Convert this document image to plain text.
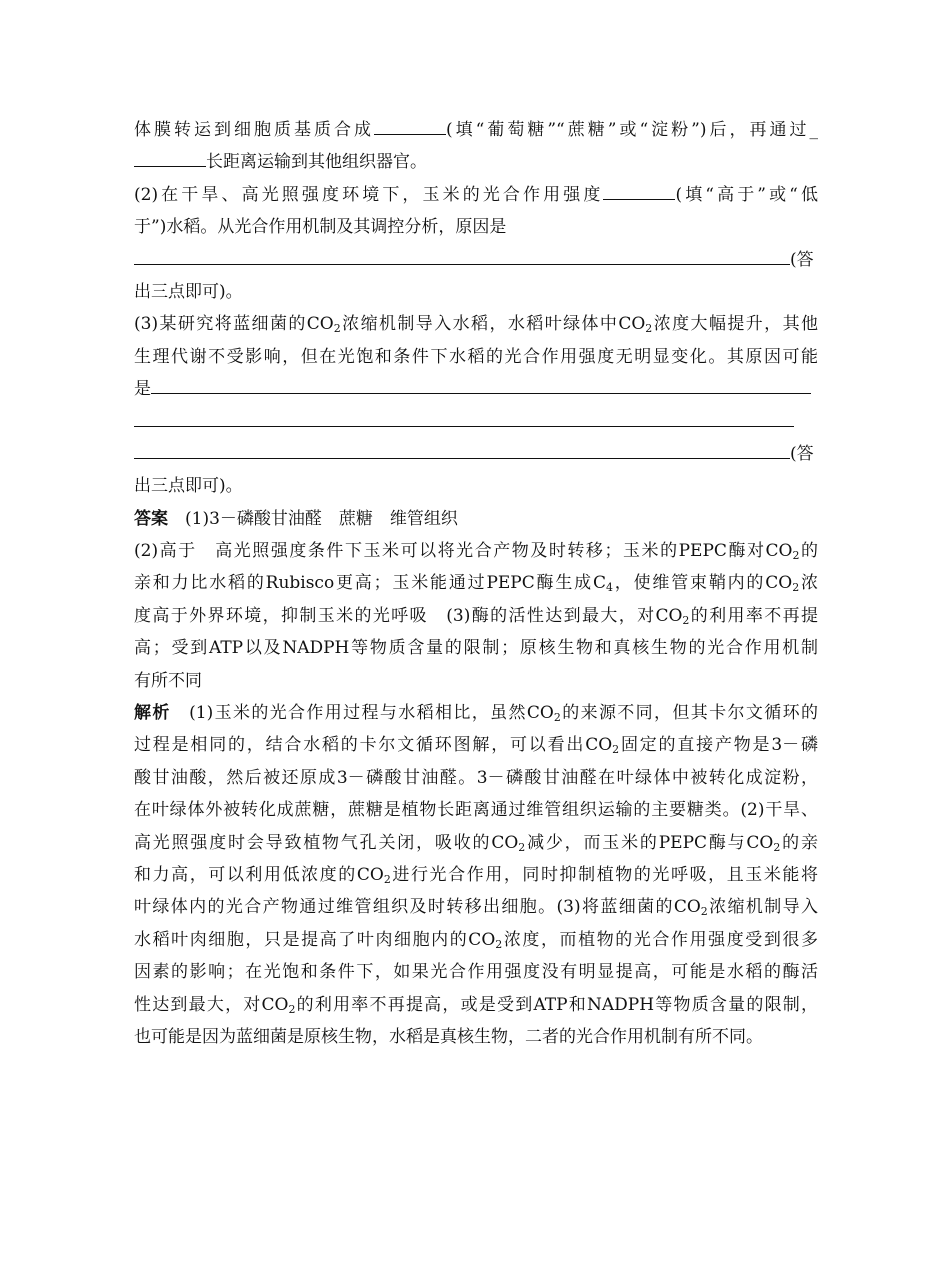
体膜转运到细胞质基质合成	(填“葡萄糖”“蔗糖”或“淀粉”)后，再通过_
长距离运输到其他组织器官。
(2)在干旱、高光照强度环境下，玉米的光合作用强度	(填“高于”或“低
于”)水稻。从光合作用机制及其调控分析，原因是
(答
出三点即可)。
(3)某研究将蓝细菌的$CO_2$浓缩机制导入水稻，水稻叶绿体中$CO_2$浓度大幅提升，其他
生理代谢不受影响，但在光饱和条件下水稻的光合作用强度无明显变化。其原因可能
是
(答
出三点即可)。
答案　 (1)3－磷酸甘油醛　蔗糖　维管组织
(2)高于　高光照强度条件下玉米可以将光合产物及时转移；玉米的PEPC酶对$CO_2$的
亲和力比水稻的Rubisco更高；玉米能通过PEPC酶生成$C_4$，使维管束鞘内的$CO_2$浓
度高于外界环境，抑制玉米的光呼吸　(3)酶的活性达到最大，对$CO_2$的利用率不再提
高；受到ATP以及NADPH等物质含量的限制；原核生物和真核生物的光合作用机制
有所不同
解析　 (1)玉米的光合作用过程与水稻相比，虽然$CO_2$的来源不同，但其卡尔文循环的
过程是相同的，结合水稻的卡尔文循环图解，可以看出$CO_2$固定的直接产物是3－磷
酸甘油酸，然后被还原成3－磷酸甘油醛。3－磷酸甘油醛在叶绿体中被转化成淀粉，
在叶绿体外被转化成蔗糖，蔗糖是植物长距离通过维管组织运输的主要糖类。(2)干旱、
高光照强度时会导致植物气孔关闭，吸收的$CO_2$减少，而玉米的PEPC酶与$CO_2$的亲
和力高，可以利用低浓度的$CO_2$进行光合作用，同时抑制植物的光呼吸，且玉米能将
叶绿体内的光合产物通过维管组织及时转移出细胞。(3)将蓝细菌的$CO_2$浓缩机制导入
水稻叶肉细胞，只是提高了叶肉细胞内的$CO_2$浓度，而植物的光合作用强度受到很多
因素的影响；在光饱和条件下，如果光合作用强度没有明显提高，可能是水稻的酶活
性达到最大，对$CO_2$的利用率不再提高，或是受到ATP和NADPH等物质含量的限制，
也可能是因为蓝细菌是原核生物，水稻是真核生物，二者的光合作用机制有所不同。
